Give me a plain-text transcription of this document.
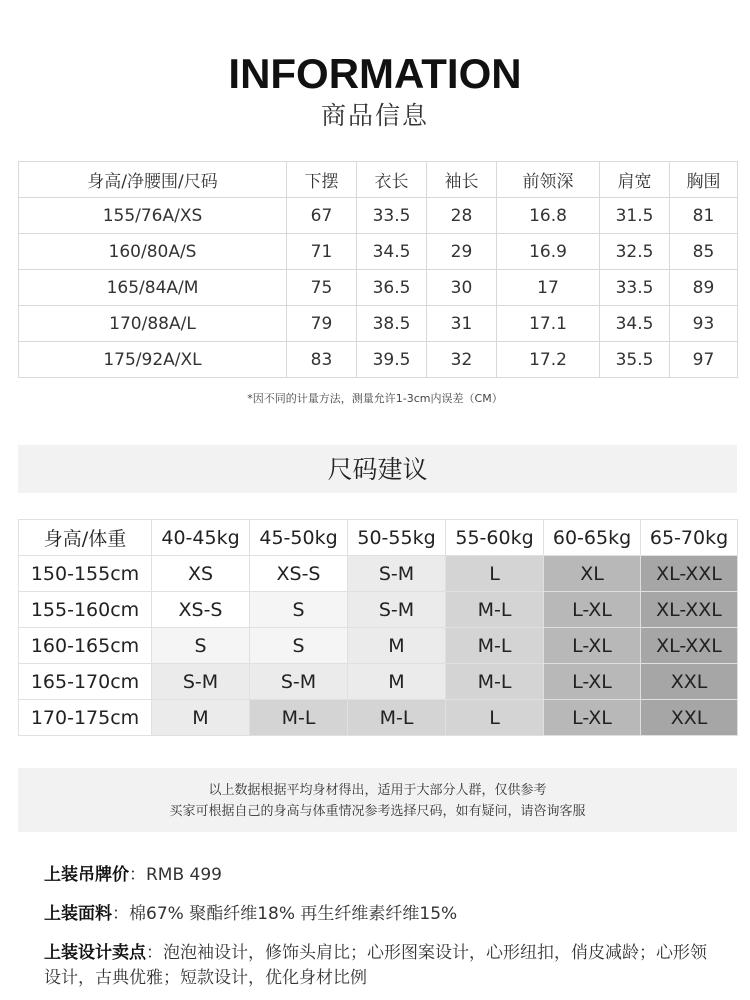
INFORMATION
商品信息
身高/净腰围/尺码	下摆	衣长	袖长	前领深	肩宽	胸围
155/76A/XS	67	33.5	28	16.8	31.5	81
160/80A/S	71	34.5	29	16.9	32.5	85
165/84A/M	75	36.5	30	17	33.5	89
170/88A/L	79	38.5	31	17.1	34.5	93
175/92A/XL	83	39.5	32	17.2	35.5	97
*因不同的计量方法，测量允许1-3cm内误差（CM）
尺码建议
身高/体重	40-45kg	45-50kg	50-55kg	55-60kg	60-65kg	65-70kg
150-155cm	XS	XS-S	S-M	L	XL	XL-XXL
155-160cm	XS-S	S	S-M	M-L	L-XL	XL-XXL
160-165cm	S	S	M	M-L	L-XL	XL-XXL
165-170cm	S-M	S-M	M	M-L	L-XL	XXL
170-175cm	M	M-L	M-L	L	L-XL	XXL
以上数据根据平均身材得出，适用于大部分人群，仅供参考
买家可根据自己的身高与体重情况参考选择尺码，如有疑问，请咨询客服
上装吊牌价：RMB 499
上装面料：棉67% 聚酯纤维18% 再生纤维素纤维15%
上装设计卖点：泡泡袖设计，修饰头肩比；心形图案设计，心形纽扣，俏皮减龄；心形领设计，古典优雅；短款设计，优化身材比例
